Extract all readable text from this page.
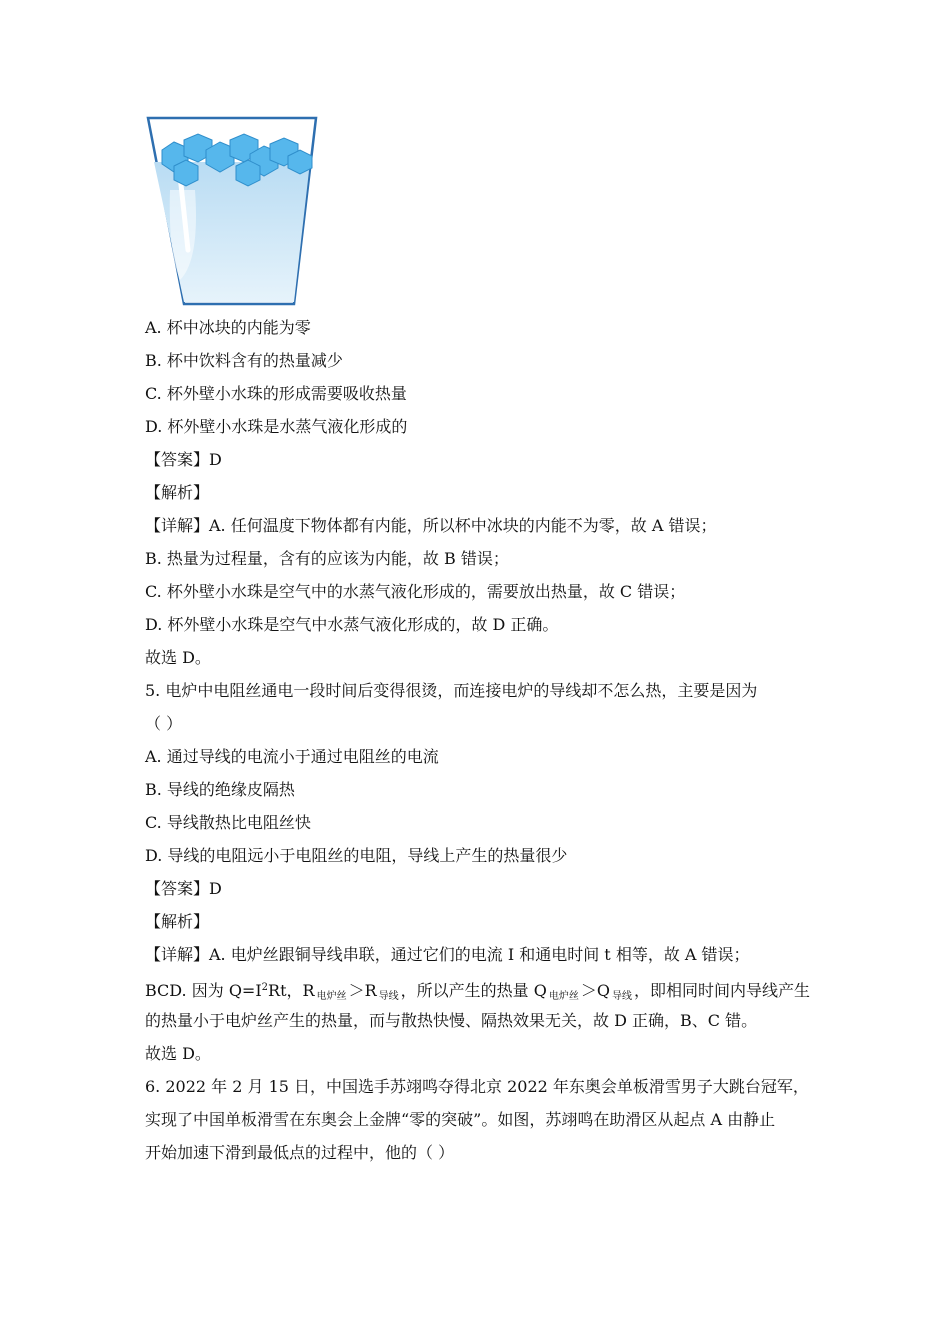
A. 杯中冰块的内能为零
B. 杯中饮料含有的热量减少
C. 杯外壁小水珠的形成需要吸收热量
D. 杯外壁小水珠是水蒸气液化形成的
【答案】D
【解析】
【详解】A. 任何温度下物体都有内能，所以杯中冰块的内能不为零，故 A 错误；
B. 热量为过程量，含有的应该为内能，故 B 错误；
C. 杯外壁小水珠是空气中的水蒸气液化形成的，需要放出热量，故 C 错误；
D. 杯外壁小水珠是空气中水蒸气液化形成的，故 D 正确。
故选 D。
5. 电炉中电阻丝通电一段时间后变得很烫，而连接电炉的导线却不怎么热，主要是因为
（ ）
A. 通过导线的电流小于通过电阻丝的电流
B. 导线的绝缘皮隔热
C. 导线散热比电阻丝快
D. 导线的电阻远小于电阻丝的电阻，导线上产生的热量很少
【答案】D
【解析】
【详解】A. 电炉丝跟铜导线串联，通过它们的电流 I 和通电时间 t 相等，故 A 错误；
BCD. 因为 $Q=I^2Rt$，R $_{电炉丝}$ ＞R $_{导线}$ ，所以产生的热量 Q $_{电炉丝}$ ＞Q $_{导线}$ ，即相同时间内导线产生
的热量小于电炉丝产生的热量，而与散热快慢、隔热效果无关，故 D 正确，B、C 错。
故选 D。
6. 2022 年 2 月 15 日，中国选手苏翊鸣夺得北京 2022 年东奥会单板滑雪男子大跳台冠军，
实现了中国单板滑雪在东奥会上金牌“零的突破”。如图，苏翊鸣在助滑区从起点 A 由静止
开始加速下滑到最低点的过程中，他的（ ）
